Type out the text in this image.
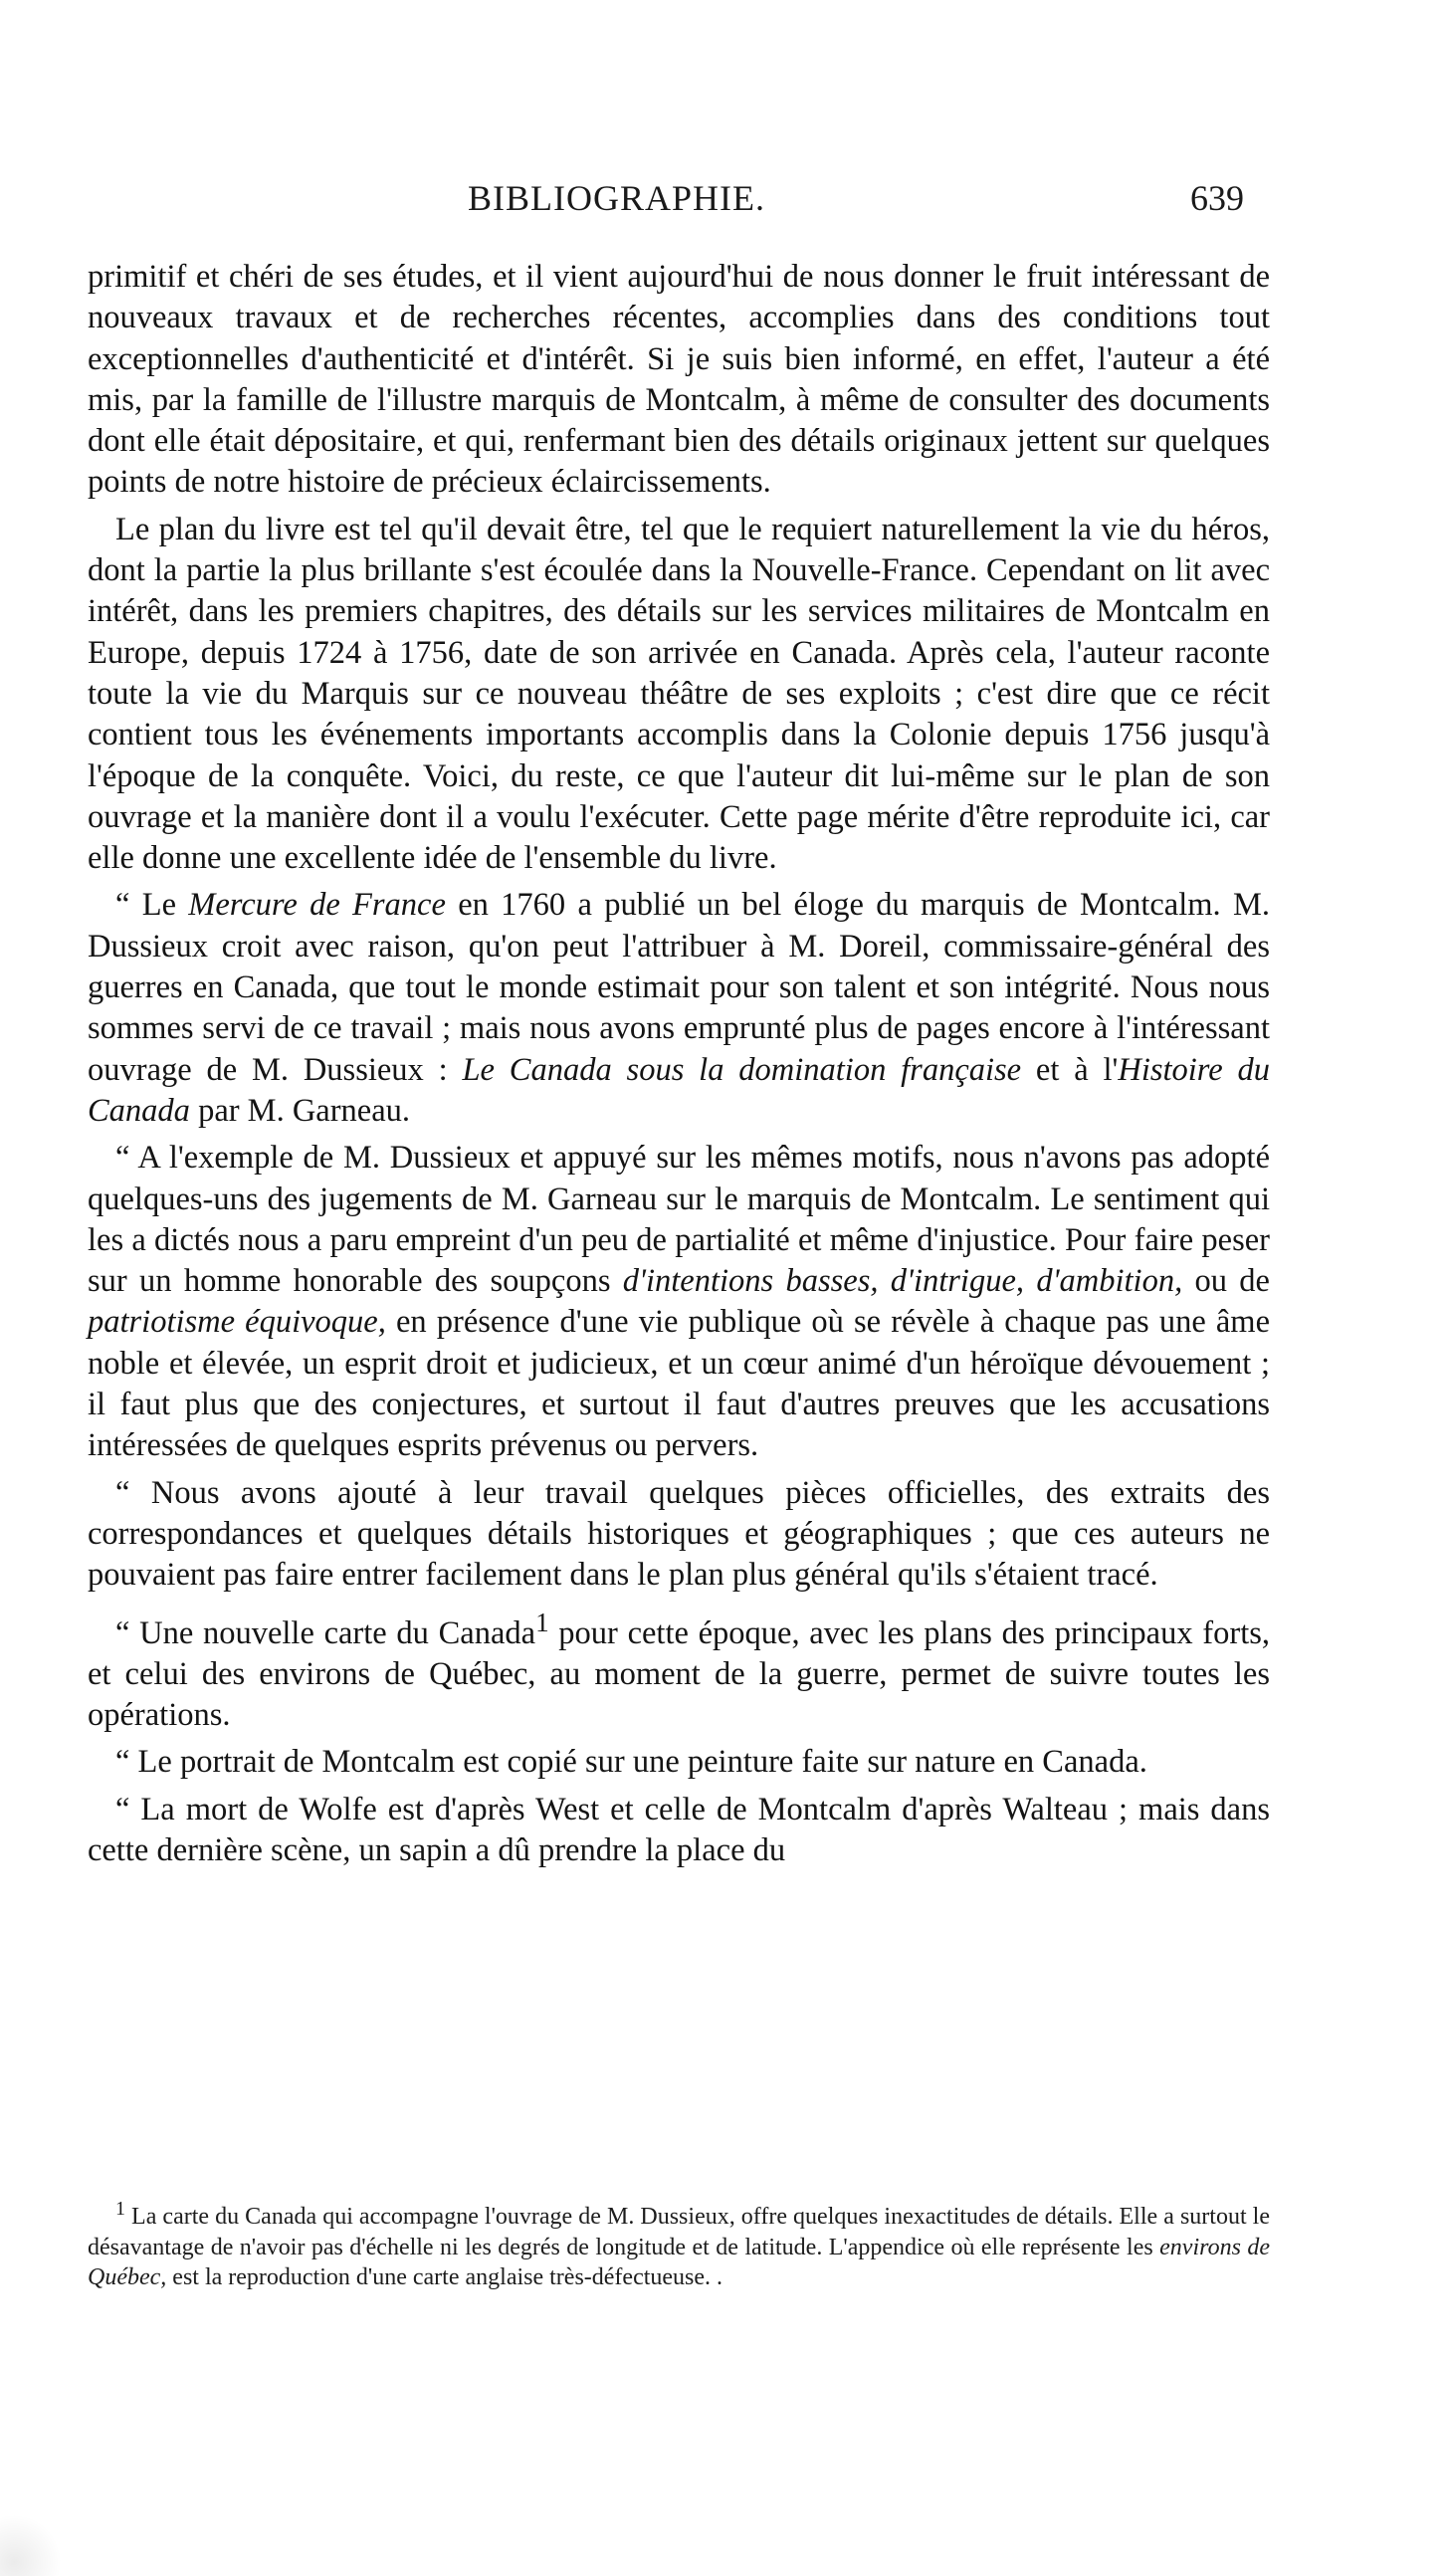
BIBLIOGRAPHIE.	639

primitif et chéri de ses études, et il vient aujourd'hui de nous donner le fruit intéressant de nouveaux travaux et de recherches récentes, accomplies dans des conditions tout exceptionnelles d'authenticité et d'intérêt. Si je suis bien informé, en effet, l'auteur a été mis, par la famille de l'illustre marquis de Montcalm, à même de consulter des documents dont elle était dépositaire, et qui, renfermant bien des détails originaux jettent sur quelques points de notre histoire de précieux éclaircissements.

Le plan du livre est tel qu'il devait être, tel que le requiert naturellement la vie du héros, dont la partie la plus brillante s'est écoulée dans la Nouvelle-France. Cependant on lit avec intérêt, dans les premiers chapitres, des détails sur les services militaires de Montcalm en Europe, depuis 1724 à 1756, date de son arrivée en Canada. Après cela, l'auteur raconte toute la vie du Marquis sur ce nouveau théâtre de ses exploits ; c'est dire que ce récit contient tous les événements importants accomplis dans la Colonie depuis 1756 jusqu'à l'époque de la conquête. Voici, du reste, ce que l'auteur dit lui-même sur le plan de son ouvrage et la manière dont il a voulu l'exécuter. Cette page mérite d'être reproduite ici, car elle donne une excellente idée de l'ensemble du livre.

“ Le Mercure de France en 1760 a publié un bel éloge du marquis de Montcalm. M. Dussieux croit avec raison, qu'on peut l'attribuer à M. Doreil, commissaire-général des guerres en Canada, que tout le monde estimait pour son talent et son intégrité. Nous nous sommes servi de ce travail ; mais nous avons emprunté plus de pages encore à l'intéressant ouvrage de M. Dussieux : Le Canada sous la domination française et à l'Histoire du Canada par M. Garneau.

“ A l'exemple de M. Dussieux et appuyé sur les mêmes motifs, nous n'avons pas adopté quelques-uns des jugements de M. Garneau sur le marquis de Montcalm. Le sentiment qui les a dictés nous a paru empreint d'un peu de partialité et même d'injustice. Pour faire peser sur un homme honorable des soupçons d'intentions basses, d'intrigue, d'ambition, ou de patriotisme équivoque, en présence d'une vie publique où se révèle à chaque pas une âme noble et élevée, un esprit droit et judicieux, et un cœur animé d'un héroïque dévouement ; il faut plus que des conjectures, et surtout il faut d'autres preuves que les accusations intéressées de quelques esprits prévenus ou pervers.

“ Nous avons ajouté à leur travail quelques pièces officielles, des extraits des correspondances et quelques détails historiques et géographiques ; que ces auteurs ne pouvaient pas faire entrer facilement dans le plan plus général qu'ils s'étaient tracé.

“ Une nouvelle carte du Canada$^1$ pour cette époque, avec les plans des principaux forts, et celui des environs de Québec, au moment de la guerre, permet de suivre toutes les opérations.

“ Le portrait de Montcalm est copié sur une peinture faite sur nature en Canada.

“ La mort de Wolfe est d'après West et celle de Montcalm d'après Walteau ; mais dans cette dernière scène, un sapin a dû prendre la place du

$^1$ La carte du Canada qui accompagne l'ouvrage de M. Dussieux, offre quelques inexactitudes de détails. Elle a surtout le désavantage de n'avoir pas d'échelle ni les degrés de longitude et de latitude. L'appendice où elle représente les environs de Québec, est la reproduction d'une carte anglaise très-défectueuse. .
